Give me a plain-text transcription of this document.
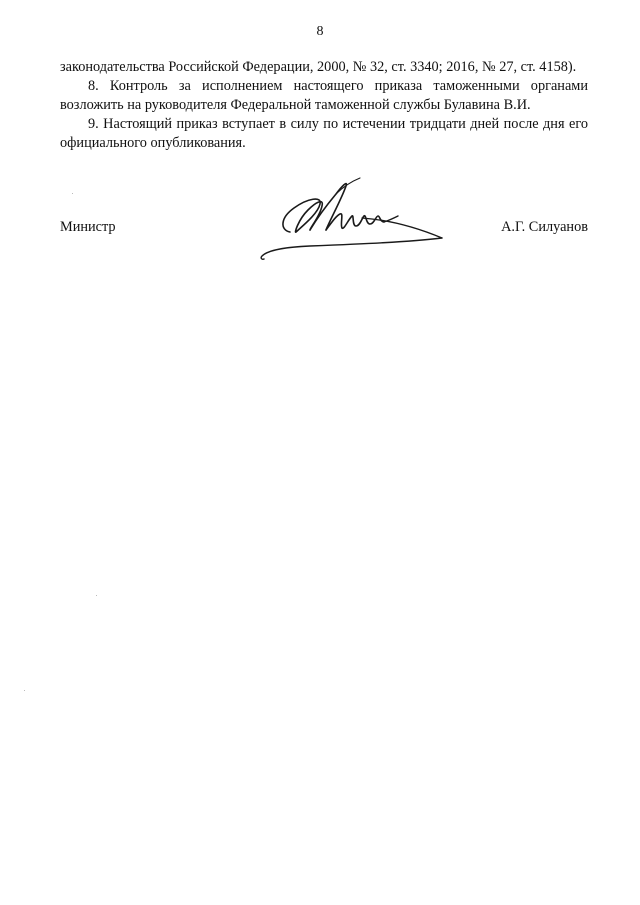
8

законодательства Российской Федерации, 2000, № 32, ст. 3340; 2016, № 27, ст. 4158).

8. Контроль за исполнением настоящего приказа таможенными органами возложить на руководителя Федеральной таможенной службы Булавина В.И.

9. Настоящий приказ вступает в силу по истечении тридцати дней после дня его официального опубликования.

Министр	А.Г. Силуанов
